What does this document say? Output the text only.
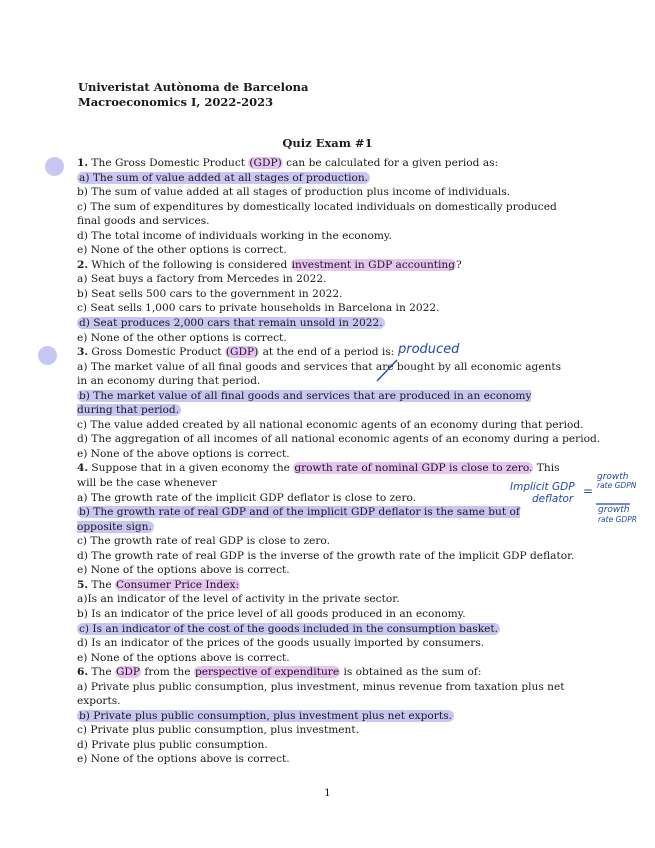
Univeristat Autònoma de Barcelona
Macroeconomics I, 2022-2023
Quiz Exam #1
1. The Gross Domestic Product (GDP) can be calculated for a given period as:
a) The sum of value added at all stages of production.
b) The sum of value added at all stages of production plus income of individuals.
c) The sum of expenditures by domestically located individuals on domestically produced final goods and services.
d) The total income of individuals working in the economy.
e) None of the other options is correct.
2. Which of the following is considered investment in GDP accounting?
a) Seat buys a factory from Mercedes in 2022.
b) Seat sells 500 cars to the government in 2022.
c) Seat sells 1,000 cars to private households in Barcelona in 2022.
d) Seat produces 2,000 cars that remain unsold in 2022.
e) None of the other options is correct.
3. Gross Domestic Product (GDP) at the end of a period is:
a) The market value of all final goods and services that are bought by all economic agents in an economy during that period.
b) The market value of all final goods and services that are produced in an economy during that period.
c) The value added created by all national economic agents of an economy during that period.
d) The aggregation of all incomes of all national economic agents of an economy during a period.
e) None of the above options is correct.
4. Suppose that in a given economy the growth rate of nominal GDP is close to zero. This will be the case whenever
a) The growth rate of the implicit GDP deflator is close to zero.
b) The growth rate of real GDP and of the implicit GDP deflator is the same but of opposite sign.
c) The growth rate of real GDP is close to zero.
d) The growth rate of real GDP is the inverse of the growth rate of the implicit GDP deflator.
e) None of the options above is correct.
5. The Consumer Price Index:
a)Is an indicator of the level of activity in the private sector.
b) Is an indicator of the price level of all goods produced in an economy.
c) Is an indicator of the cost of the goods included in the consumption basket.
d) Is an indicator of the prices of the goods usually imported by consumers.
e) None of the options above is correct.
6. The GDP from the perspective of expenditure is obtained as the sum of:
a) Private plus public consumption, plus investment, minus revenue from taxation plus net exports.
b) Private plus public consumption, plus investment plus net exports.
c) Private plus public consumption, plus investment.
d) Private plus public consumption.
e) None of the options above is correct.
produced
Implicit GDP
deflator
=
growth
rate GDPN
growth
rate GDPR
1
